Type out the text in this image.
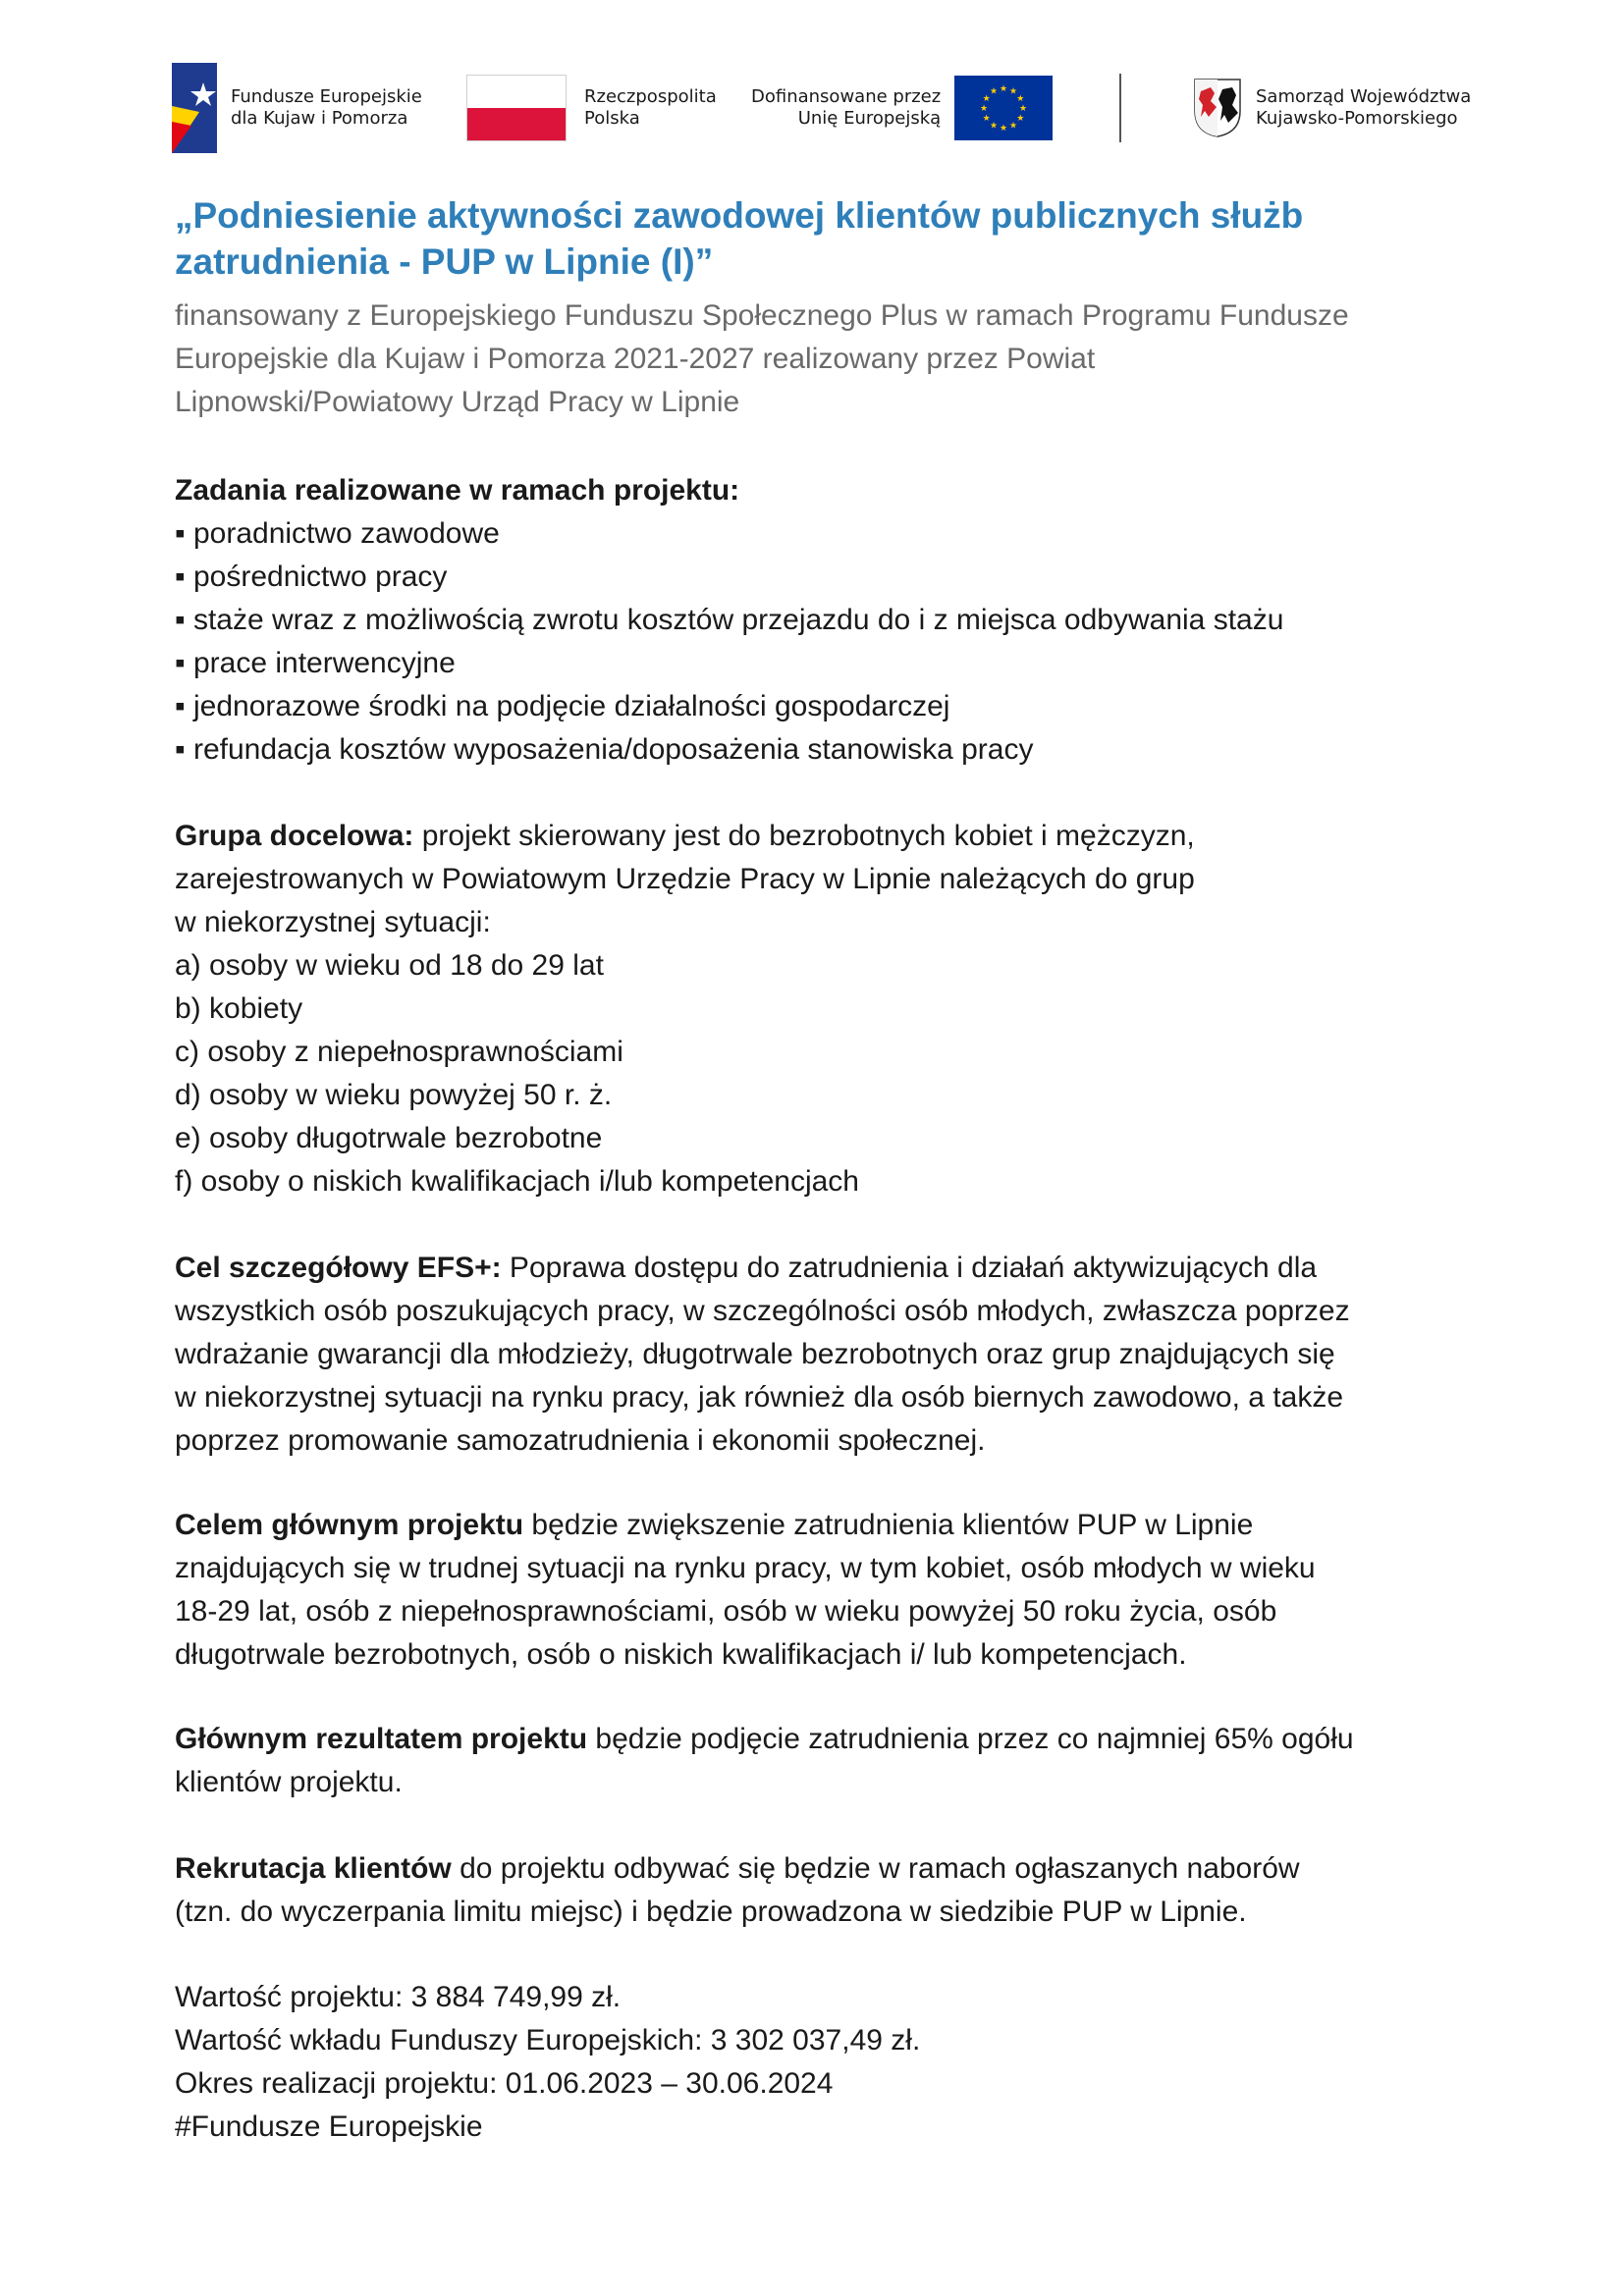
Fundusze Europejskie
dla Kujaw i Pomorza
Rzeczpospolita
Polska
Dofinansowane przez
Unię Europejską
★ ★
★
★
★
★
★
★
★
★
★
★	Samorząd Województwa
Kujawsko-Pomorskiego
„Podniesienie aktywności zawodowej klientów publicznych służb
zatrudnienia - PUP w Lipnie (I)”
finansowany z Europejskiego Funduszu Społecznego Plus w ramach Programu Fundusze
Europejskie dla Kujaw i Pomorza 2021-2027 realizowany przez Powiat
Lipnowski/Powiatowy Urząd Pracy w Lipnie
Zadania realizowane w ramach projektu:
▪ poradnictwo zawodowe
▪ pośrednictwo pracy
▪ staże wraz z możliwością zwrotu kosztów przejazdu do i z miejsca odbywania stażu
▪ prace interwencyjne
▪ jednorazowe środki na podjęcie działalności gospodarczej
▪ refundacja kosztów wyposażenia/doposażenia stanowiska pracy
Grupa docelowa: projekt skierowany jest do bezrobotnych kobiet i mężczyzn,
zarejestrowanych w Powiatowym Urzędzie Pracy w Lipnie należących do grup
w niekorzystnej sytuacji:
a) osoby w wieku od 18 do 29 lat
b) kobiety
c) osoby z niepełnosprawnościami
d) osoby w wieku powyżej 50 r. ż.
e) osoby długotrwale bezrobotne
f) osoby o niskich kwalifikacjach i/lub kompetencjach
Cel szczegółowy EFS+: Poprawa dostępu do zatrudnienia i działań aktywizujących dla
wszystkich osób poszukujących pracy, w szczególności osób młodych, zwłaszcza poprzez
wdrażanie gwarancji dla młodzieży, długotrwale bezrobotnych oraz grup znajdujących się
w niekorzystnej sytuacji na rynku pracy, jak również dla osób biernych zawodowo, a także
poprzez promowanie samozatrudnienia i ekonomii społecznej.
Celem głównym projektu będzie zwiększenie zatrudnienia klientów PUP w Lipnie
znajdujących się w trudnej sytuacji na rynku pracy, w tym kobiet, osób młodych w wieku
18-29 lat, osób z niepełnosprawnościami, osób w wieku powyżej 50 roku życia, osób
długotrwale bezrobotnych, osób o niskich kwalifikacjach i/ lub kompetencjach.
Głównym rezultatem projektu będzie podjęcie zatrudnienia przez co najmniej 65% ogółu
klientów projektu.
Rekrutacja klientów do projektu odbywać się będzie w ramach ogłaszanych naborów
(tzn. do wyczerpania limitu miejsc) i będzie prowadzona w siedzibie PUP w Lipnie.
Wartość projektu: 3 884 749,99 zł.
Wartość wkładu Funduszy Europejskich: 3 302 037,49 zł.
Okres realizacji projektu: 01.06.2023 – 30.06.2024
#Fundusze Europejskie
